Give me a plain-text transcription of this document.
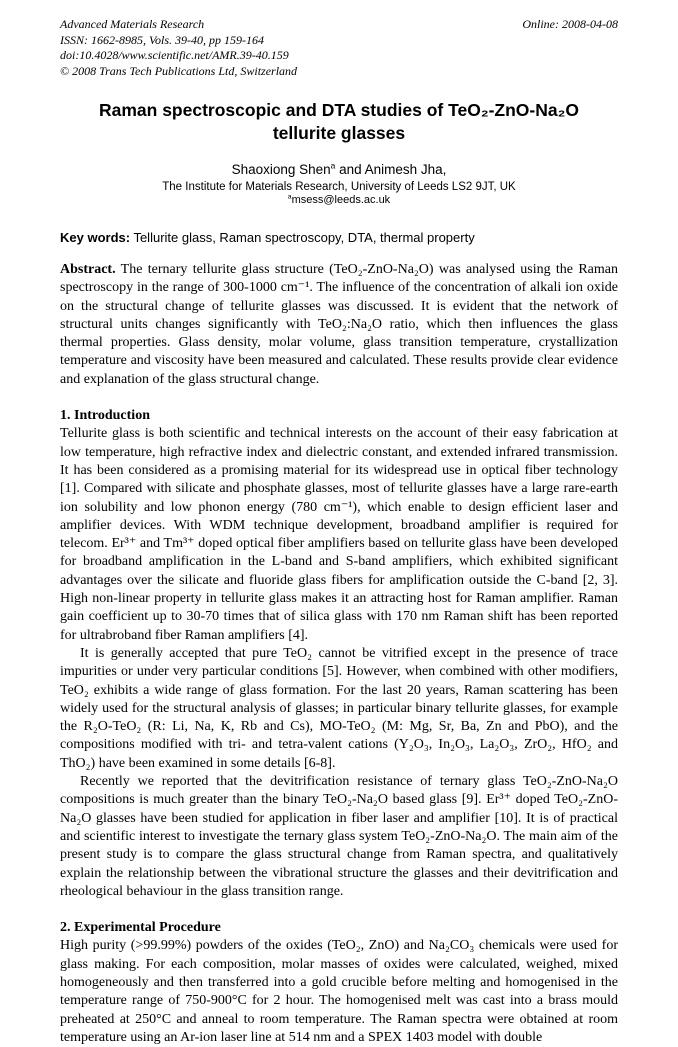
Advanced Materials Research
ISSN: 1662-8985, Vols. 39-40, pp 159-164
doi:10.4028/www.scientific.net/AMR.39-40.159
© 2008 Trans Tech Publications Ltd, Switzerland
Online: 2008-04-08
Raman spectroscopic and DTA studies of TeO₂-ZnO-Na₂O tellurite glasses
Shaoxiong Shen$^a$ and Animesh Jha,
The Institute for Materials Research, University of Leeds LS2 9JT, UK
$^a$msess@leeds.ac.uk
Key words: Tellurite glass, Raman spectroscopy, DTA, thermal property

Abstract. The ternary tellurite glass structure (TeO₂-ZnO-Na₂O) was analysed using the Raman spectroscopy in the range of 300-1000 cm⁻¹. The influence of the concentration of alkali ion oxide on the structural change of tellurite glasses was discussed. It is evident that the network of structural units changes significantly with TeO₂:Na₂O ratio, which then influences the glass thermal properties. Glass density, molar volume, glass transition temperature, crystallization temperature and viscosity have been measured and calculated. These results provide clear evidence and explanation of the glass structural change.

1. Introduction

Tellurite glass is both scientific and technical interests on the account of their easy fabrication at low temperature, high refractive index and dielectric constant, and extended infrared transmission. It has been considered as a promising material for its widespread use in optical fiber technology [1]. Compared with silicate and phosphate glasses, most of tellurite glasses have a large rare-earth ion solubility and low phonon energy (780 cm⁻¹), which enable to design efficient laser and amplifier devices. With WDM technique development, broadband amplifier is required for telecom. Er³⁺ and Tm³⁺ doped optical fiber amplifiers based on tellurite glass have been developed for broadband amplification in the L-band and S-band amplifiers, which exhibited significant advantages over the silicate and fluoride glass fibers for amplification outside the C-band [2, 3]. High non-linear property in tellurite glass makes it an attracting host for Raman amplifier. Raman gain coefficient up to 30-70 times that of silica glass with 170 nm Raman shift has been reported for ultrabroband fiber Raman amplifiers [4].

It is generally accepted that pure TeO₂ cannot be vitrified except in the presence of trace impurities or under very particular conditions [5]. However, when combined with other modifiers, TeO₂ exhibits a wide range of glass formation. For the last 20 years, Raman scattering has been widely used for the structural analysis of glasses; in particular binary tellurite glasses, for example the R₂O-TeO₂ (R: Li, Na, K, Rb and Cs), MO-TeO₂ (M: Mg, Sr, Ba, Zn and PbO), and the compositions modified with tri- and tetra-valent cations (Y₂O₃, In₂O₃, La₂O₃, ZrO₂, HfO₂ and ThO₂) have been examined in some details [6-8].

Recently we reported that the devitrification resistance of ternary glass TeO₂-ZnO-Na₂O compositions is much greater than the binary TeO₂-Na₂O based glass [9]. Er³⁺ doped TeO₂-ZnO-Na₂O glasses have been studied for application in fiber laser and amplifier [10]. It is of practical and scientific interest to investigate the ternary glass system TeO₂-ZnO-Na₂O. The main aim of the present study is to compare the glass structural change from Raman spectra, and qualitatively explain the relationship between the vibrational structure the glasses and their devitrification and rheological behaviour in the glass transition range.

2. Experimental Procedure

High purity (>99.99%) powders of the oxides (TeO₂, ZnO) and Na₂CO₃ chemicals were used for glass making. For each composition, molar masses of oxides were calculated, weighed, mixed homogeneously and then transferred into a gold crucible before melting and homogenised in the temperature range of 750-900°C for 2 hour. The homogenised melt was cast into a brass mould preheated at 250°C and anneal to room temperature. The Raman spectra were obtained at room temperature using an Ar-ion laser line at 514 nm and a SPEX 1403 model with double
